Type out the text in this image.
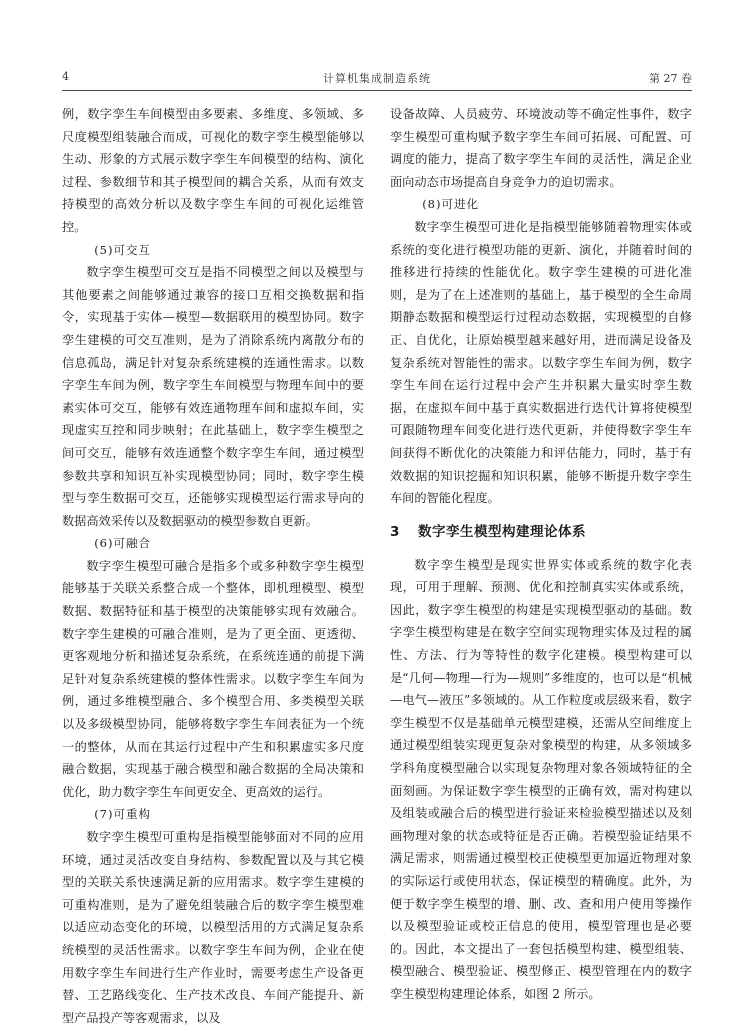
4	计算机集成制造系统	第 27 卷

例，数字孪生车间模型由多要素、多维度、多领域、多尺度模型组装融合而成，可视化的数字孪生模型能够以生动、形象的方式展示数字孪生车间模型的结构、演化过程、参数细节和其子模型间的耦合关系，从而有效支持模型的高效分析以及数字孪生车间的可视化运维管控。

(5)可交互

数字孪生模型可交互是指不同模型之间以及模型与其他要素之间能够通过兼容的接口互相交换数据和指令，实现基于实体—模型—数据联用的模型协同。数字孪生建模的可交互准则，是为了消除系统内离散分布的信息孤岛，满足针对复杂系统建模的连通性需求。以数字孪生车间为例，数字孪生车间模型与物理车间中的要素实体可交互，能够有效连通物理车间和虚拟车间，实现虚实互控和同步映射；在此基础上，数字孪生模型之间可交互，能够有效连通整个数字孪生车间，通过模型参数共享和知识互补实现模型协同；同时，数字孪生模型与孪生数据可交互，还能够实现模型运行需求导向的数据高效采传以及数据驱动的模型参数自更新。

(6)可融合

数字孪生模型可融合是指多个或多种数字孪生模型能够基于关联关系整合成一个整体，即机理模型、模型数据、数据特征和基于模型的决策能够实现有效融合。数字孪生建模的可融合准则，是为了更全面、更透彻、更客观地分析和描述复杂系统，在系统连通的前提下满足针对复杂系统建模的整体性需求。以数字孪生车间为例，通过多维模型融合、多个模型合用、多类模型关联以及多级模型协同，能够将数字孪生车间表征为一个统一的整体，从而在其运行过程中产生和积累虚实多尺度融合数据，实现基于融合模型和融合数据的全局决策和优化，助力数字孪生车间更安全、更高效的运行。

(7)可重构

数字孪生模型可重构是指模型能够面对不同的应用环境，通过灵活改变自身结构、参数配置以及与其它模型的关联关系快速满足新的应用需求。数字孪生建模的可重构准则，是为了避免组装融合后的数字孪生模型难以适应动态变化的环境，以模型活用的方式满足复杂系统模型的灵活性需求。以数字孪生车间为例，企业在使用数字孪生车间进行生产作业时，需要考虑生产设备更替、工艺路线变化、生产技术改良、车间产能提升、新型产品投产等客观需求，以及

设备故障、人员疲劳、环境波动等不确定性事件，数字孪生模型可重构赋予数字孪生车间可拓展、可配置、可调度的能力，提高了数字孪生车间的灵活性，满足企业面向动态市场提高自身竞争力的迫切需求。

(8)可进化

数字孪生模型可进化是指模型能够随着物理实体或系统的变化进行模型功能的更新、演化，并随着时间的推移进行持续的性能优化。数字孪生建模的可进化准则，是为了在上述准则的基础上，基于模型的全生命周期静态数据和模型运行过程动态数据，实现模型的自修正、自优化，让原始模型越来越好用，进而满足设备及复杂系统对智能性的需求。以数字孪生车间为例，数字孪生车间在运行过程中会产生并积累大量实时孪生数据，在虚拟车间中基于真实数据进行迭代计算将使模型可跟随物理车间变化进行迭代更新，并使得数字孪生车间获得不断优化的决策能力和评估能力，同时，基于有效数据的知识挖掘和知识积累，能够不断提升数字孪生车间的智能化程度。

3 数字孪生模型构建理论体系

数字孪生模型是现实世界实体或系统的数字化表现，可用于理解、预测、优化和控制真实实体或系统，因此，数字孪生模型的构建是实现模型驱动的基础。数字孪生模型构建是在数字空间实现物理实体及过程的属性、方法、行为等特性的数字化建模。模型构建可以是“几何—物理—行为—规则”多维度的，也可以是“机械—电气—液压”多领域的。从工作粒度或层级来看，数字孪生模型不仅是基础单元模型建模，还需从空间维度上通过模型组装实现更复杂对象模型的构建，从多领域多学科角度模型融合以实现复杂物理对象各领域特征的全面刻画。为保证数字孪生模型的正确有效，需对构建以及组装或融合后的模型进行验证来检验模型描述以及刻画物理对象的状态或特征是否正确。若模型验证结果不满足需求，则需通过模型校正使模型更加逼近物理对象的实际运行或使用状态，保证模型的精确度。此外，为便于数字孪生模型的增、删、改、查和用户使用等操作以及模型验证或校正信息的使用，模型管理也是必要的。因此，本文提出了一套包括模型构建、模型组装、模型融合、模型验证、模型修正、模型管理在内的数字孪生模型构建理论体系，如图 2 所示。
